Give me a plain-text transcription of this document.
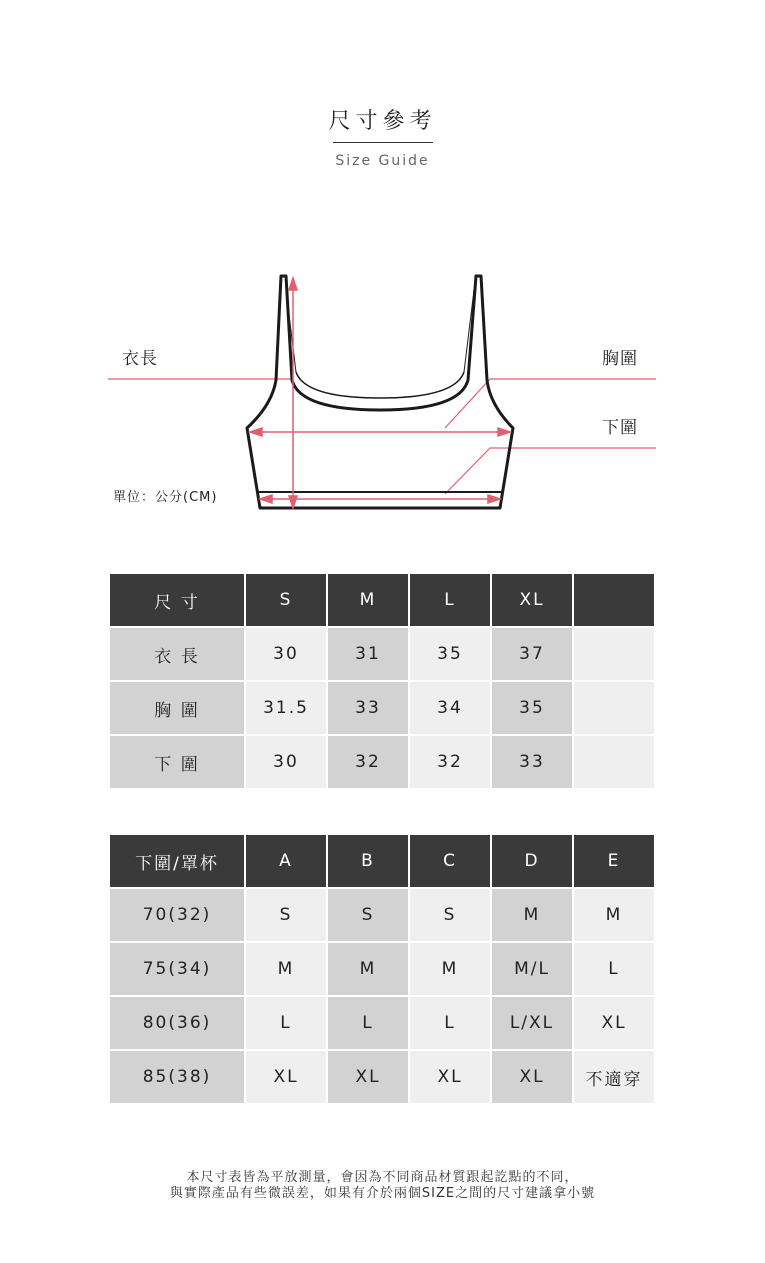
尺寸參考
Size Guide
衣長	胸圍
下圍
單位：公分(CM)
尺 寸	S	M	L	XL	
衣 長	30	31	35	37	
胸 圍	31.5	33	34	35	
下 圍	30	32	32	33	
下圍/罩杯	A	B	C	D	E
70(32)	S	S	S	M	M
75(34)	M	M	M	M/L	L
80(36)	L	L	L	L/XL	XL
85(38)	XL	XL	XL	XL	不適穿
本尺寸表皆為平放測量，會因為不同商品材質跟起訖點的不同，
與實際產品有些微誤差，如果有介於兩個SIZE之間的尺寸建議拿小號
